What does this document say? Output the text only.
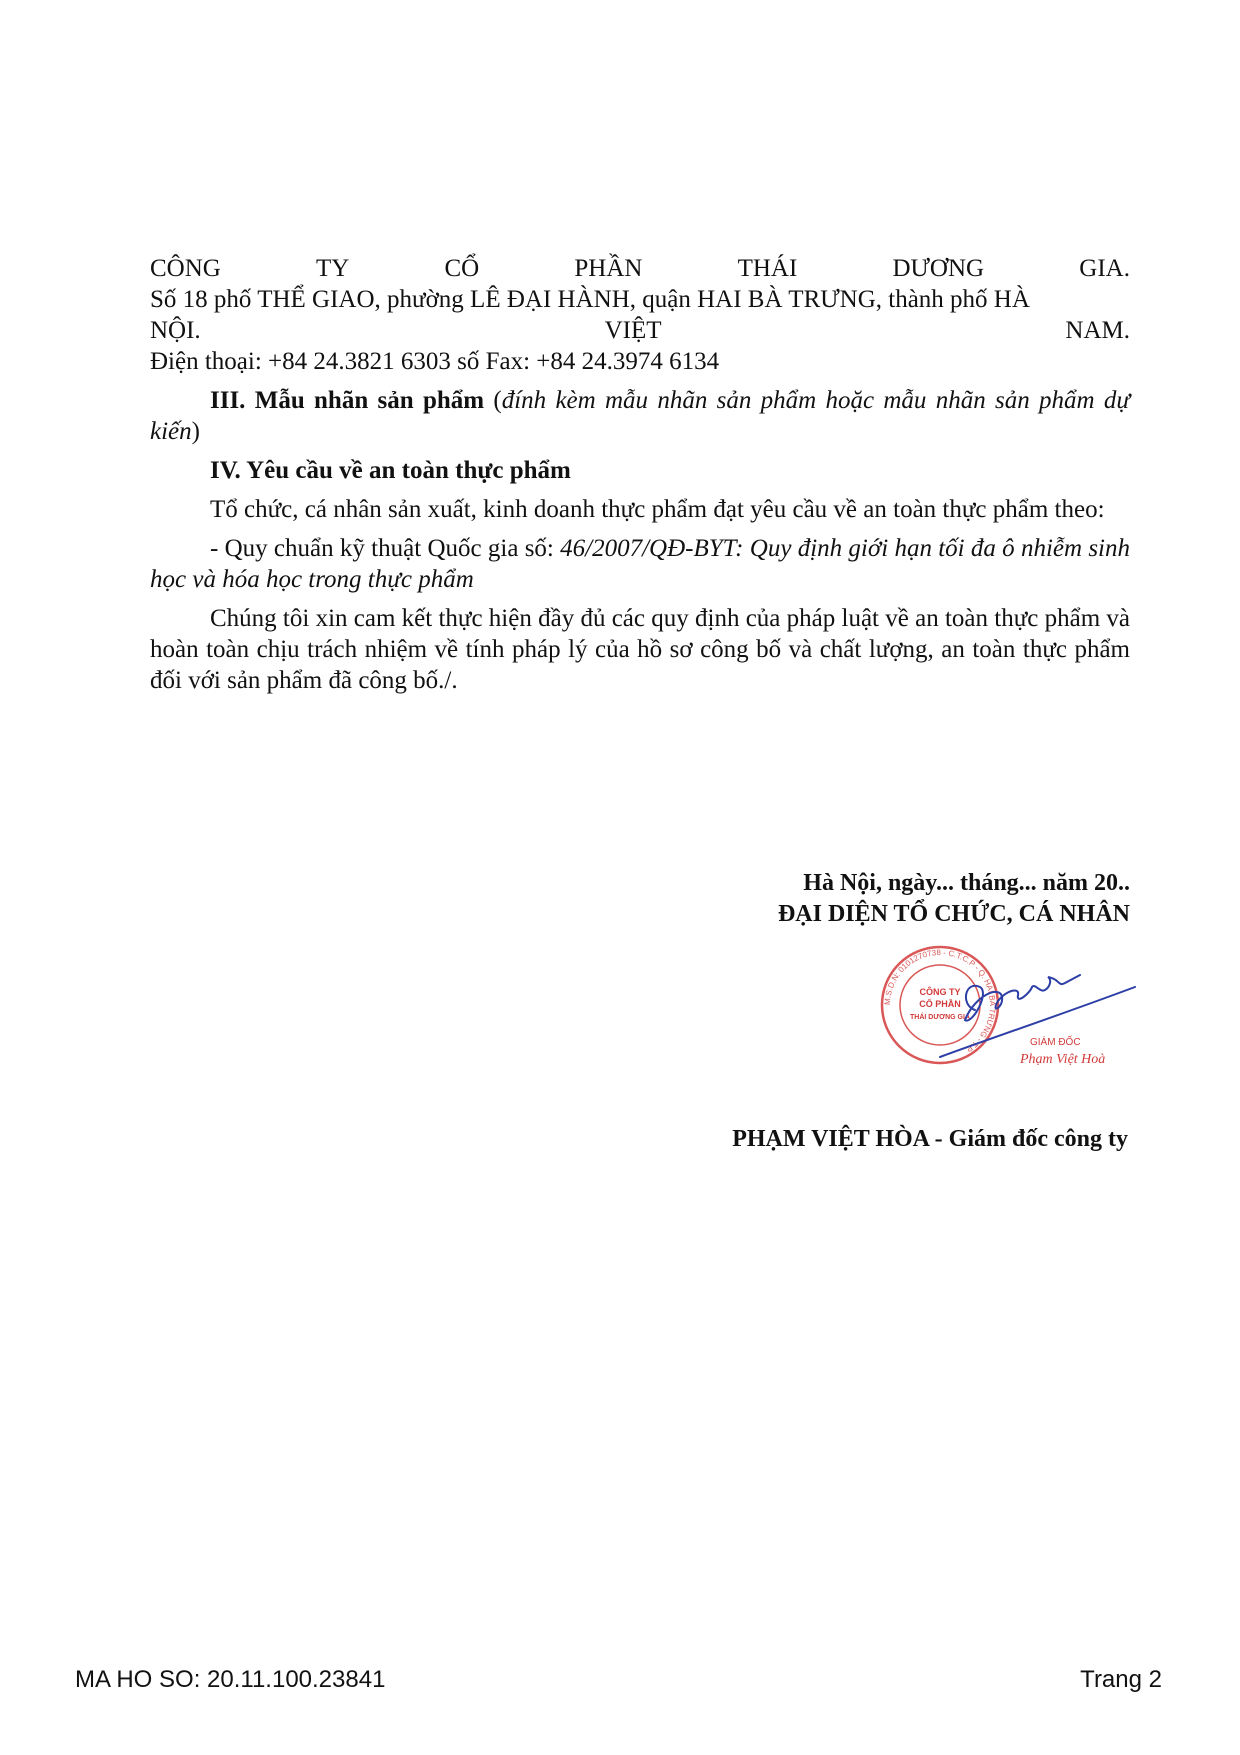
CÔNG	TY	CỔ	PHẦN	THÁI	DƯƠNG	GIA.
Số 18 phố THỂ GIAO, phường LÊ ĐẠI HÀNH, quận HAI BÀ TRƯNG, thành phố HÀ
NỘI.	VIỆT	NAM.
Điện thoại: +84 24.3821 6303 số Fax: +84 24.3974 6134
III. Mẫu nhãn sản phẩm (đính kèm mẫu nhãn sản phẩm hoặc mẫu nhãn sản phẩm dự kiến)
IV. Yêu cầu về an toàn thực phẩm
Tổ chức, cá nhân sản xuất, kinh doanh thực phẩm đạt yêu cầu về an toàn thực phẩm theo:
- Quy chuẩn kỹ thuật Quốc gia số: 46/2007/QĐ-BYT: Quy định giới hạn tối đa ô nhiễm sinh học và hóa học trong thực phẩm
Chúng tôi xin cam kết thực hiện đầy đủ các quy định của pháp luật về an toàn thực phẩm và hoàn toàn chịu trách nhiệm về tính pháp lý của hồ sơ công bố và chất lượng, an toàn thực phẩm đối với sản phẩm đã công bố./.
Hà Nội, ngày... tháng... năm 20..
ĐẠI DIỆN TỔ CHỨC, CÁ NHÂN
M.S.D.N: 0101270738 - C.T.C.P - Q. HAI BÀ TRƯNG - T.P
CÔNG TY
CỔ PHẦN
THÁI DƯƠNG GIA
GIÁM ĐỐC
Phạm Việt Hoà
PHẠM VIỆT HÒA - Giám đốc công ty
MA HO SO: 20.11.100.23841	Trang 2
